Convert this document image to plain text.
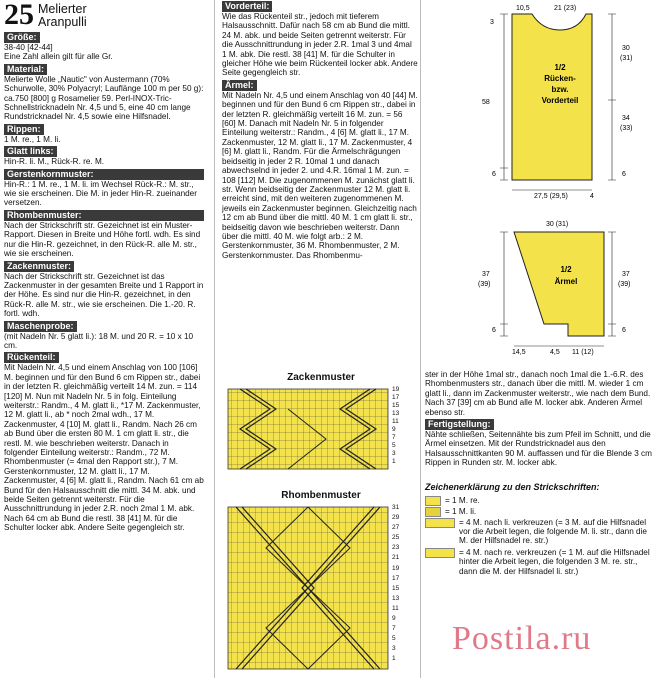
25 Melierter
Aranpulli
Größe:

38-40 [42-44]

Eine Zahl allein gilt für alle Gr.

Material:

Melierte Wolle „Nautic" von Austermann (70% Schurwolle, 30% Polyacryl; Lauflänge 100 m per 50 g): ca.750 [800] g Rosamelier 59. Perl-INOX-Tric-Schnellstricknadeln Nr. 4,5 und 5, eine 40 cm lange Rundstricknadel Nr. 4,5 sowie eine Hilfsnadel.

Rippen:

1 M. re., 1 M. li.

Glatt links:

Hin-R. li. M., Rück-R. re. M.

Gerstenkornmuster:

Hin-R.: 1 M. re., 1 M. li. im Wechsel Rück-R.: M. str., wie sie erscheinen. Die M. in jeder Hin-R. zueinander versetzen.

Rhombenmuster:

Nach der Strickschrift str. Gezeichnet ist ein Muster-Rapport. Diesen in Breite und Höhe fortl. wdh. Es sind nur die Hin-R. gezeichnet, in den Rück-R. alle M. str., wie sie erscheinen.

Zackenmuster:

Nach der Strickschrift str. Gezeichnet ist das Zackenmuster in der gesamten Breite und 1 Rapport in der Höhe. Es sind nur die Hin-R. gezeichnet, in den Rück-R. alle M. str., wie sie erscheinen. Die 1.-20. R. fortl. wdh.

Maschenprobe:

(mit Nadeln Nr. 5 glatt li.): 18 M. und 20 R. = 10 x 10 cm.

Rückenteil:

Mit Nadeln Nr. 4,5 und einem Anschlag von 100 [106] M. beginnen und für den Bund 6 cm Rippen str., dabei in der letzten R. gleichmäßig verteilt 14 M. zun. = 114 [120] M. Nun mit Nadeln Nr. 5 in folg. Einteilung weiterstr.: Randm., 4 M. glatt li., *17 M. Zackenmuster, 12 M. glatt li., ab * noch 2mal wdh., 17 M. Zackenmuster, 4 [10] M. glatt li., Randm. Nach 26 cm ab Bund über die ersten 80 M. 1 cm glatt li. str., die restl. M. wie beschrieben weiterstr. Danach in folgender Einteilung weiterstr.: Randm., 72 M. Rhombenmuster (= 4mal den Rapport str.), 7 M. Gerstenkornmuster, 12 M. glatt li., 17 M. Zackenmuster, 4 [6] M. glatt li., Randm. Nach 61 cm ab Bund für den Halsausschnitt die mittl. 34 M. abk. und beide Seiten getrennt weiterstr. Für die Ausschnittrundung in jeder 2.R. noch 2mal 1 M. abk. Nach 64 cm ab Bund die restl. 38 [41] M. für die Schulter locker abk. Andere Seite gegengleich str.

Vorderteil:

Wie das Rückenteil str., jedoch mit tieferem Halsausschnitt. Dafür nach 58 cm ab Bund die mittl. 24 M. abk. und beide Seiten getrennt weiterstr. Für die Ausschnittrundung in jeder 2.R. 1mal 3 und 4mal 1 M. abk. Die restl. 38 [41] M. für die Schulter in gleicher Höhe wie beim Rückenteil locker abk. Andere Seite gegengleich str.

Ärmel:

Mit Nadeln Nr. 4,5 und einem Anschlag von 40 [44] M. beginnen und für den Bund 6 cm Rippen str., dabei in der letzten R. gleichmäßig verteilt 16 M. zun. = 56 [60] M. Danach mit Nadeln Nr. 5 in folgender Einteilung weiterstr.: Randm., 4 [6] M. glatt li., 17 M. Zackenmuster, 12 M. glatt li., 17 M. Zackenmuster, 4 [6] M. glatt li., Randm. Für die Ärmelschrägungen beidseitig in jeder 2 R. 10mal 1 und danach abwechselnd in jeder 2. und 4.R. 16mal 1 M. zun. = 108 [112] M. Die zugenommenen M. zunächst glatt li. str. Wenn beidseitig der Zackenmuster 12 M. glatt li. erreicht sind, mit den weiteren zugenommenen M. jeweils ein Zackenmuster beginnen. Gleichzeitig nach 12 cm ab Bund über die mittl. 40 M. 1 cm glatt li. str., beidseitig davon wie beschrieben weiterstr. Dann über die mittl. 40 M. wie folgt arb.: 2 M. Gerstenkornmuster, 36 M. Rhombenmuster, 2 M. Gerstenkornmuster. Das Rhombenmu-

Zackenmuster
19
17
15
13
11
9
7
5
3
1
Rhombenmuster
31
29
27
25
23
21
19
17
15
13
11
9
7
5
3
1
1/2
Rücken-
bzw.
Vorderteil
10,5	21 (23)
3
58
6
30
(31)
34
(33)
6
27,5 (29,5)	4
1/2
Ärmel
30 (31)
37
(39)
6
37
(39)
6
14,5	4,5 11 (12)

ster in der Höhe 1mal str., danach noch 1mal die 1.-6.R. des Rhombenmusters str., danach über die mittl. M. wieder 1 cm glatt li., dann im Zackenmuster weiterstr., wie nach dem Bund. Nach 37 [39] cm ab Bund alle M. locker abk. Anderen Ärmel ebenso str.

Fertigstellung:

Nähte schließen, Seitennähte bis zum Pfeil im Schnitt, und die Ärmel einsetzen. Mit der Rundstricknadel aus den Halsausschnittkanten 90 M. auffassen und für die Blende 3 cm Rippen in Runden str. M. locker abk.

Zeichenerklärung zu den Strickschriften:

= 1 M. re.
= 1 M. li.
= 4 M. nach li. verkreuzen (= 3 M. auf die Hilfsnadel vor die Arbeit legen, die folgende M. li. str., dann die M. der Hilfsnadel re. str.)
= 4 M. nach re. verkreuzen (= 1 M. auf die Hilfsnadel hinter die Arbeit legen, die folgenden 3 M. re. str., dann die M. der Hilfsnadel li. str.)
Postila.ru
